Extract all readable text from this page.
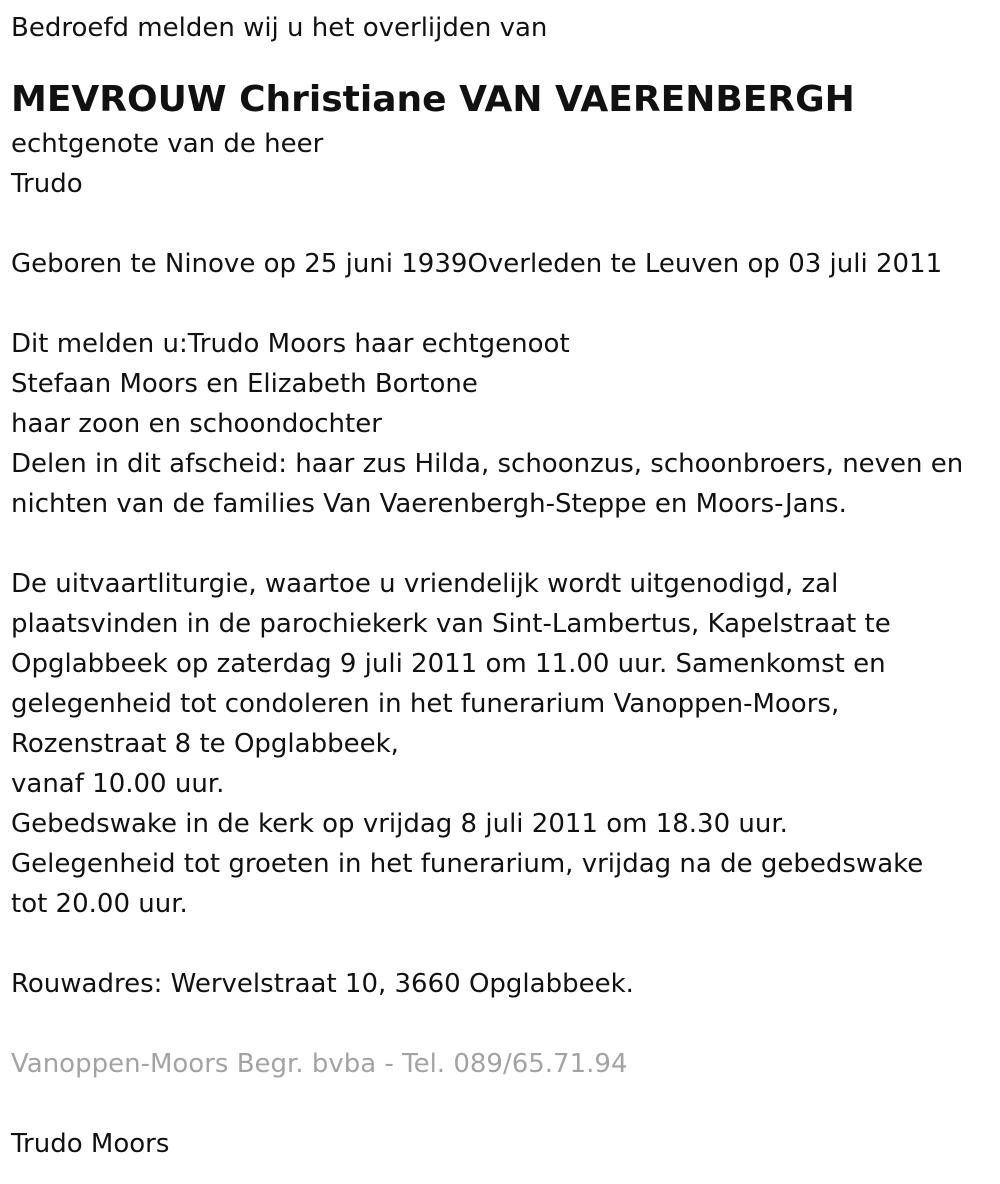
Bedroefd melden wij u het overlijden van
MEVROUW Christiane VAN VAERENBERGH
echtgenote van de heer
Trudo
Geboren te Ninove op 25 juni 1939Overleden te Leuven op 03 juli 2011
Dit melden u:Trudo Moors haar echtgenoot
Stefaan Moors en Elizabeth Bortone
haar zoon en schoondochter
Delen in dit afscheid: haar zus Hilda, schoonzus, schoonbroers, neven en
nichten van de families Van Vaerenbergh-Steppe en Moors-Jans.
De uitvaartliturgie, waartoe u vriendelijk wordt uitgenodigd, zal
plaatsvinden in de parochiekerk van Sint-Lambertus, Kapelstraat te
Opglabbeek op zaterdag 9 juli 2011 om 11.00 uur. Samenkomst en
gelegenheid tot condoleren in het funerarium Vanoppen-Moors,
Rozenstraat 8 te Opglabbeek,
vanaf 10.00 uur.
Gebedswake in de kerk op vrijdag 8 juli 2011 om 18.30 uur.
Gelegenheid tot groeten in het funerarium, vrijdag na de gebedswake
tot 20.00 uur.
Rouwadres: Wervelstraat 10, 3660 Opglabbeek.
Vanoppen-Moors Begr. bvba - Tel. 089/65.71.94
Trudo Moors
